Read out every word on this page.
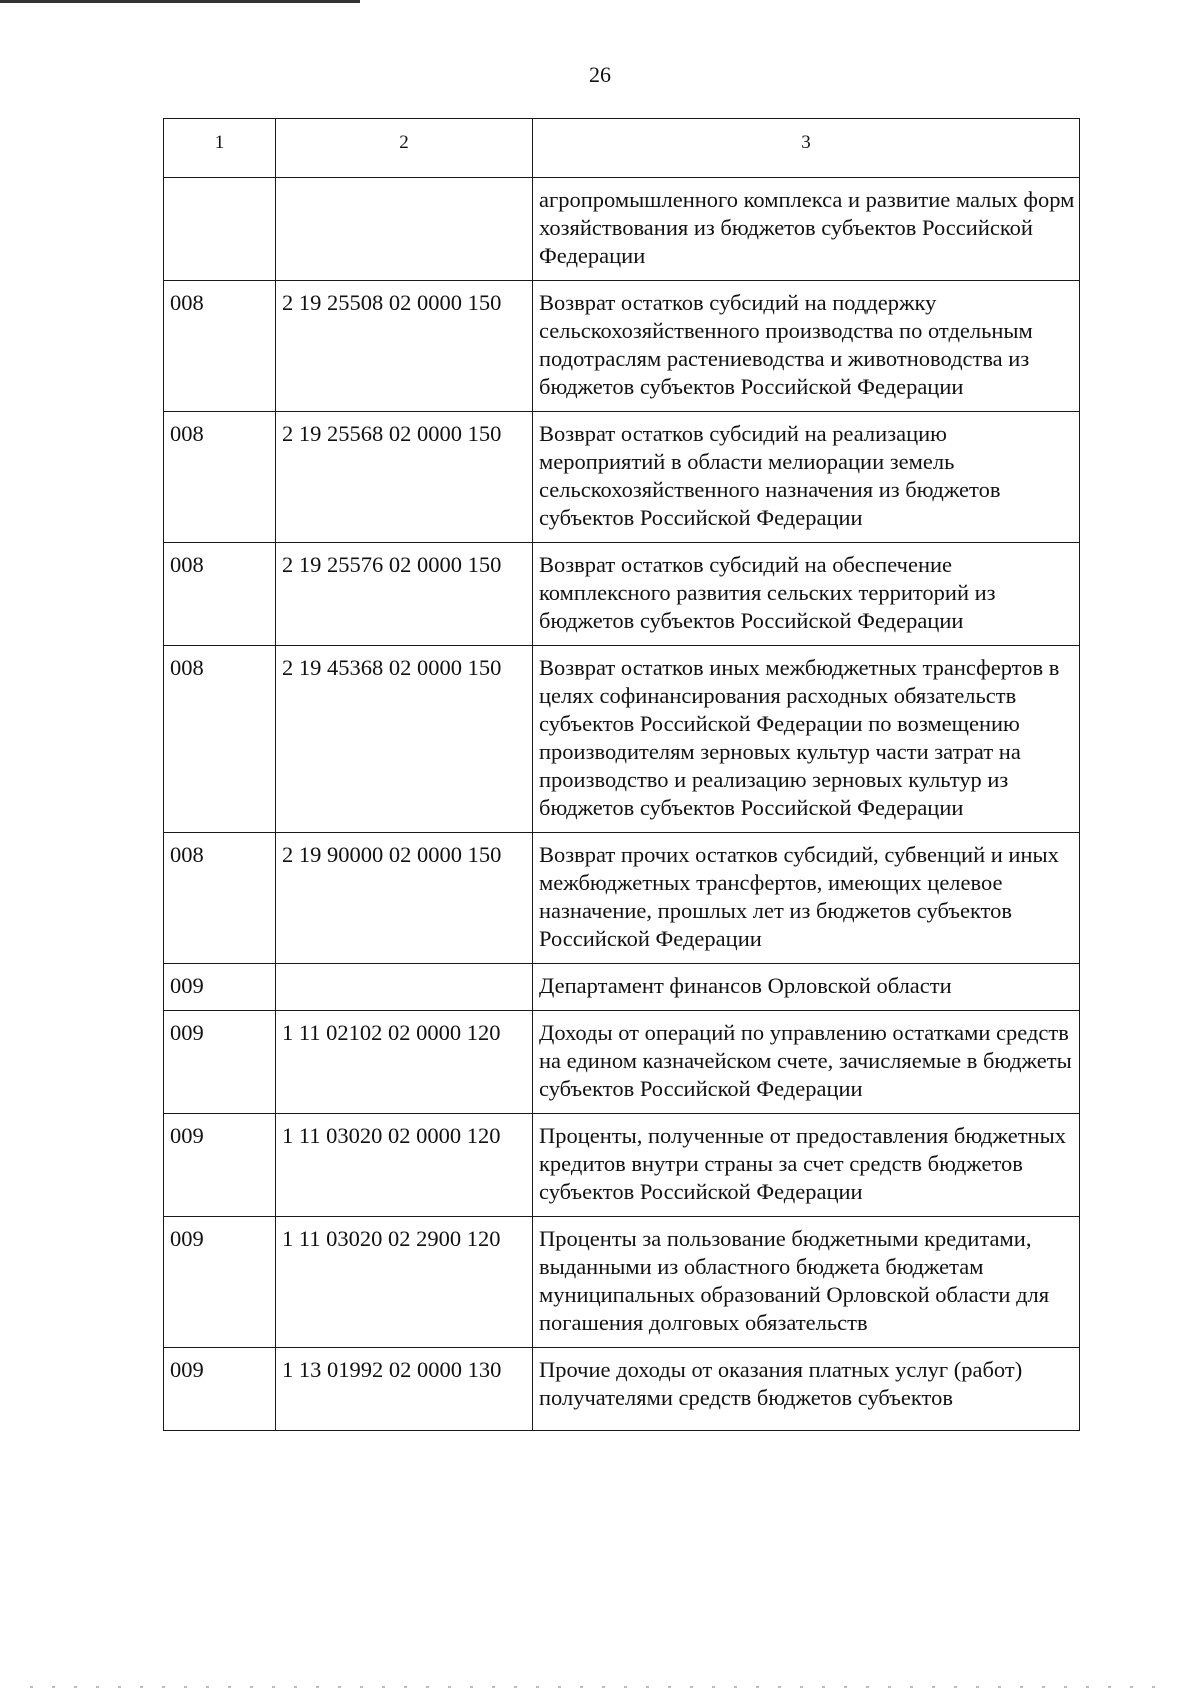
26
1	2	3
		агропромышленного комплекса и развитие малых форм хозяйствования из бюджетов субъектов Российской Федерации
008	2 19 25508 02 0000 150	Возврат остатков субсидий на поддержку сельскохозяйственного производства по отдельным подотраслям растениеводства и животноводства из бюджетов субъектов Российской Федерации
008	2 19 25568 02 0000 150	Возврат остатков субсидий на реализацию мероприятий в области мелиорации земель сельскохозяйственного назначения из бюджетов субъектов Российской Федерации
008	2 19 25576 02 0000 150	Возврат остатков субсидий на обеспечение комплексного развития сельских территорий из бюджетов субъектов Российской Федерации
008	2 19 45368 02 0000 150	Возврат остатков иных межбюджетных трансфертов в целях софинансирования расходных обязательств субъектов Российской Федерации по возмещению производителям зерновых культур части затрат на производство и реализацию зерновых культур из бюджетов субъектов Российской Федерации
008	2 19 90000 02 0000 150	Возврат прочих остатков субсидий, субвенций и иных межбюджетных трансфертов, имеющих целевое назначение, прошлых лет из бюджетов субъектов Российской Федерации
009		Департамент финансов Орловской области
009	1 11 02102 02 0000 120	Доходы от операций по управлению остатками средств на едином казначейском счете, зачисляемые в бюджеты субъектов Российской Федерации
009	1 11 03020 02 0000 120	Проценты, полученные от предоставления бюджетных кредитов внутри страны за счет средств бюджетов субъектов Российской Федерации
009	1 11 03020 02 2900 120	Проценты за пользование бюджетными кредитами, выданными из областного бюджета бюджетам муниципальных образований Орловской области для погашения долговых обязательств
009	1 13 01992 02 0000 130	Прочие доходы от оказания платных услуг (работ) получателями средств бюджетов субъектов
